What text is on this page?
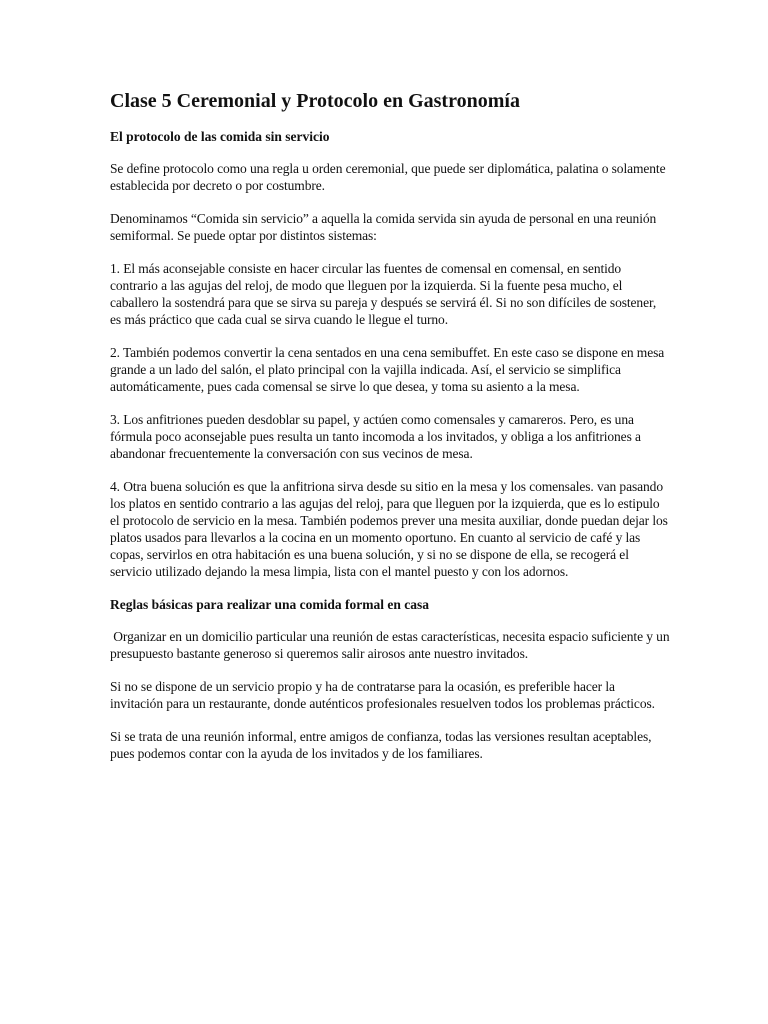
Clase 5 Ceremonial y Protocolo en Gastronomía
El protocolo de las comida sin servicio

Se define protocolo como una regla u orden ceremonial, que puede ser diplomática, palatina o solamente establecida por decreto o por costumbre.

Denominamos “Comida sin servicio” a aquella la comida servida sin ayuda de personal en una reunión semiformal. Se puede optar por distintos sistemas:

1. El más aconsejable consiste en hacer circular las fuentes de comensal en comensal, en sentido contrario a las agujas del reloj, de modo que lleguen por la izquierda. Si la fuente pesa mucho, el caballero la sostendrá para que se sirva su pareja y después se servirá él. Si no son difíciles de sostener, es más práctico que cada cual se sirva cuando le llegue el turno.

2. También podemos convertir la cena sentados en una cena semibuffet. En este caso se dispone en mesa grande a un lado del salón, el plato principal con la vajilla indicada. Así, el servicio se simplifica automáticamente, pues cada comensal se sirve lo que desea, y toma su asiento a la mesa.

3. Los anfitriones pueden desdoblar su papel, y actúen como comensales y camareros. Pero, es una fórmula poco aconsejable pues resulta un tanto incomoda a los invitados, y obliga a los anfitriones a abandonar frecuentemente la conversación con sus vecinos de mesa.

4. Otra buena solución es que la anfitriona sirva desde su sitio en la mesa y los comensales. van pasando los platos en sentido contrario a las agujas del reloj, para que lleguen por la izquierda, que es lo estipulo el protocolo de servicio en la mesa. También podemos prever una mesita auxiliar, donde puedan dejar los platos usados para llevarlos a la cocina en un momento oportuno. En cuanto al servicio de café y las copas, servirlos en otra habitación es una buena solución, y si no se dispone de ella, se recogerá el servicio utilizado dejando la mesa limpia, lista con el mantel puesto y con los adornos.

Reglas básicas para realizar una comida formal en casa

Organizar en un domicilio particular una reunión de estas características, necesita espacio suficiente y un presupuesto bastante generoso si queremos salir airosos ante nuestro invitados.

Si no se dispone de un servicio propio y ha de contratarse para la ocasión, es preferible hacer la invitación para un restaurante, donde auténticos profesionales resuelven todos los problemas prácticos.

Si se trata de una reunión informal, entre amigos de confianza, todas las versiones resultan aceptables, pues podemos contar con la ayuda de los invitados y de los familiares.
